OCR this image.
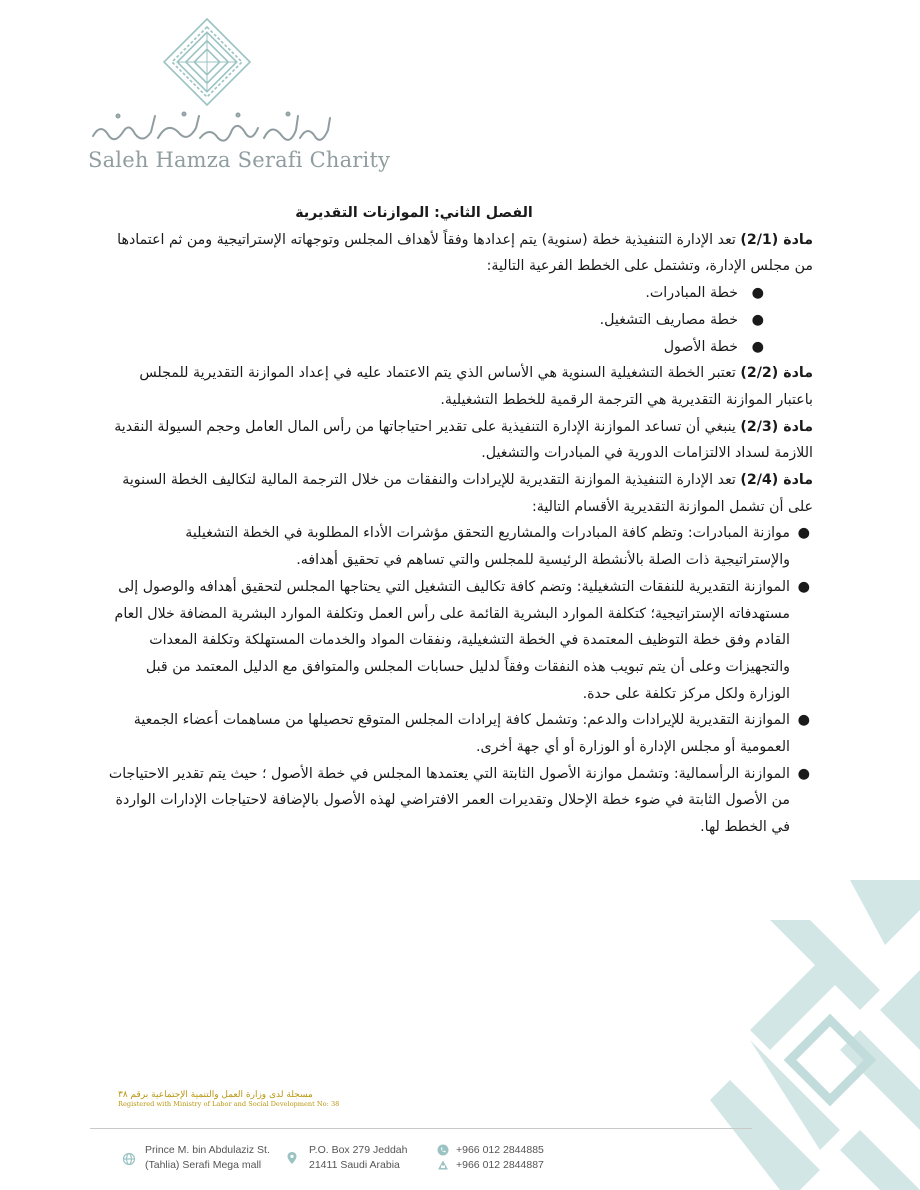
Saleh Hamza Serafi Charity

الفصل الثاني: الموازنات التقديرية

مادة (2/1) تعد الإدارة التنفيذية خطة (سنوية) يتم إعدادها وفقاً لأهداف المجلس وتوجهاته الإستراتيجية ومن ثم اعتمادها من مجلس الإدارة، وتشتمل على الخطط الفرعية التالية:

●
خطة المبادرات.
●
خطة مصاريف التشغيل.
●
خطة الأصول

مادة (2/2) تعتبر الخطة التشغيلية السنوية هي الأساس الذي يتم الاعتماد عليه في إعداد الموازنة التقديرية للمجلس باعتبار الموازنة التقديرية هي الترجمة الرقمية للخطط التشغيلية.

مادة (2/3) ينبغي أن تساعد الموازنة الإدارة التنفيذية على تقدير احتياجاتها من رأس المال العامل وحجم السيولة النقدية اللازمة لسداد الالتزامات الدورية في المبادرات والتشغيل.

مادة (2/4) تعد الإدارة التنفيذية الموازنة التقديرية للإيرادات والنفقات من خلال الترجمة المالية لتكاليف الخطة السنوية على أن تشمل الموازنة التقديرية الأقسام التالية:

●
موازنة المبادرات: وتظم كافة المبادرات والمشاريع التحقق مؤشرات الأداء المطلوبة في الخطة التشغيلية والإستراتيجية ذات الصلة بالأنشطة الرئيسية للمجلس والتي تساهم في تحقيق أهدافه.
●
الموازنة التقديرية للنفقات التشغيلية: وتضم كافة تكاليف التشغيل التي يحتاجها المجلس لتحقيق أهدافه والوصول إلى مستهدفاته الإستراتيجية؛ كتكلفة الموارد البشرية القائمة على رأس العمل وتكلفة الموارد البشرية المضافة خلال العام القادم وفق خطة التوظيف المعتمدة في الخطة التشغيلية، ونفقات المواد والخدمات المستهلكة وتكلفة المعدات والتجهيزات وعلى أن يتم تبويب هذه النفقات وفقاً لدليل حسابات المجلس والمتوافق مع الدليل المعتمد من قبل الوزارة ولكل مركز تكلفة على حدة.
●
الموازنة التقديرية للإيرادات والدعم: وتشمل كافة إيرادات المجلس المتوقع تحصيلها من مساهمات أعضاء الجمعية العمومية أو مجلس الإدارة أو الوزارة أو أي جهة أخرى.
●
الموازنة الرأسمالية: وتشمل موازنة الأصول الثابتة التي يعتمدها المجلس في خطة الأصول ؛ حيث يتم تقدير الاحتياجات من الأصول الثابتة في ضوء خطة الإحلال وتقديرات العمر الافتراضي لهذه الأصول بالإضافة لاحتياجات الإدارات الواردة في الخطط لها.
مسجلة لدى وزارة العمل والتنمية الإجتماعية برقم ٣٨
Registered with Ministry of Labor and Social Development No: 38
Prince M. bin Abdulaziz St.
(Tahlia) Serafi Mega mall
P.O. Box 279 Jeddah
21411 Saudi Arabia
+966 012 2844885
+966 012 2844887
